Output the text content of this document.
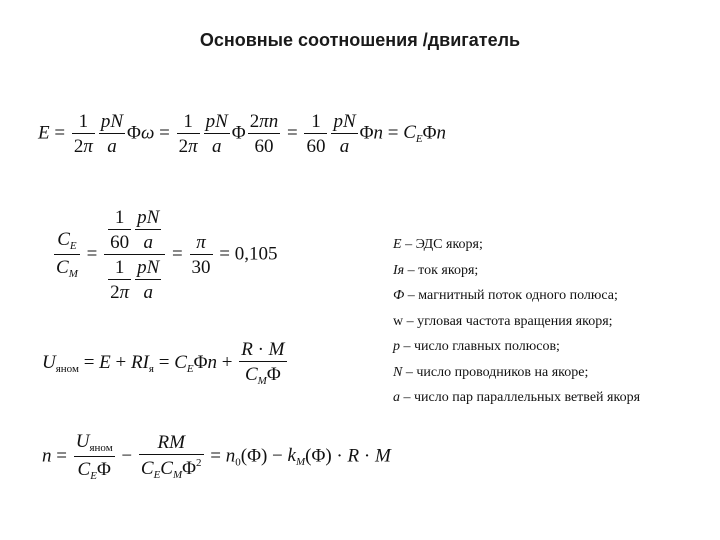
Основные соотношения /двигатель
$E = \frac{1}{2\pi} \frac{pN}{a}$ $\Phi\omega = \frac{1}{2\pi} \frac{pN}{a}$ Φ $\frac{2\pi n}{60} = \frac{1}{60} \frac{pN}{a}$ $\Phi n = C_E\Phi n$
$\frac{C_E}{C_M} = \frac{\frac{1}{60} \frac{pN}{a}}{\frac{1}{2\pi} \frac{pN}{a}} = \frac{\pi}{30} = 0,105$
$U_{яном} = E + RI_я = C_E\Phi n + \frac{R \cdot M}{C_M\Phi}$
$n = \frac{U_{яном}}{C_E\Phi} - \frac{RM}{C_EC_M\Phi^2} = n_0(\Phi) - k_M(\Phi) \cdot R \cdot M$
E – ЭДС якоря;
Iя – ток якоря;
Ф – магнитный поток одного полюса;
w – угловая частота вращения якоря;
р – число главных полюсов;
N – число проводников на якоре;
а – число пар параллельных ветвей якоря
